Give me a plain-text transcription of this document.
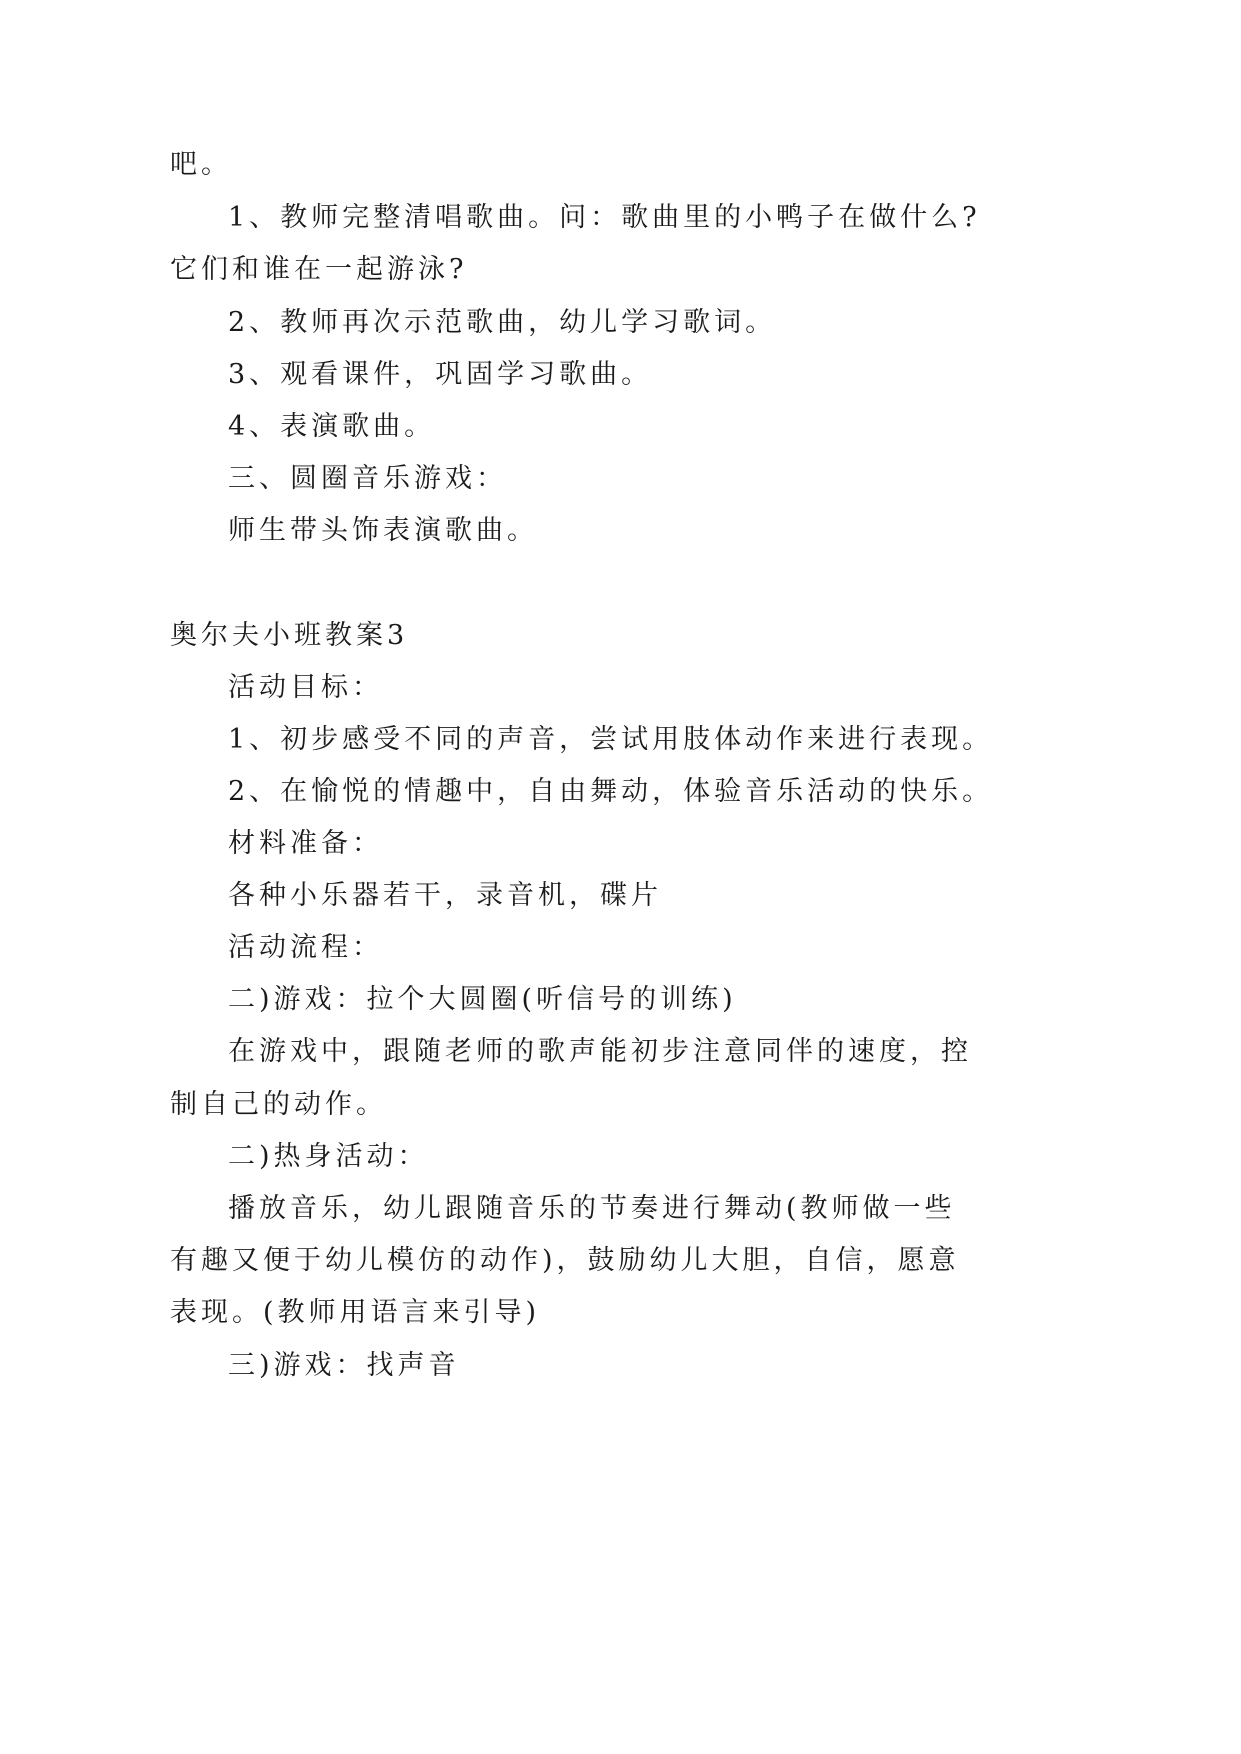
吧。
1、教师完整清唱歌曲。问：歌曲里的小鸭子在做什么?
它们和谁在一起游泳?
2、教师再次示范歌曲，幼儿学习歌词。
3、观看课件，巩固学习歌曲。
4、表演歌曲。
三、圆圈音乐游戏：
师生带头饰表演歌曲。
奥尔夫小班教案3
活动目标：
1、初步感受不同的声音，尝试用肢体动作来进行表现。
2、在愉悦的情趣中，自由舞动，体验音乐活动的快乐。
材料准备：
各种小乐器若干，录音机，碟片
活动流程：
二)游戏：拉个大圆圈(听信号的训练)
在游戏中，跟随老师的歌声能初步注意同伴的速度，控
制自己的动作。
二)热身活动：
播放音乐，幼儿跟随音乐的节奏进行舞动(教师做一些
有趣又便于幼儿模仿的动作)，鼓励幼儿大胆，自信，愿意
表现。(教师用语言来引导)
三)游戏：找声音
